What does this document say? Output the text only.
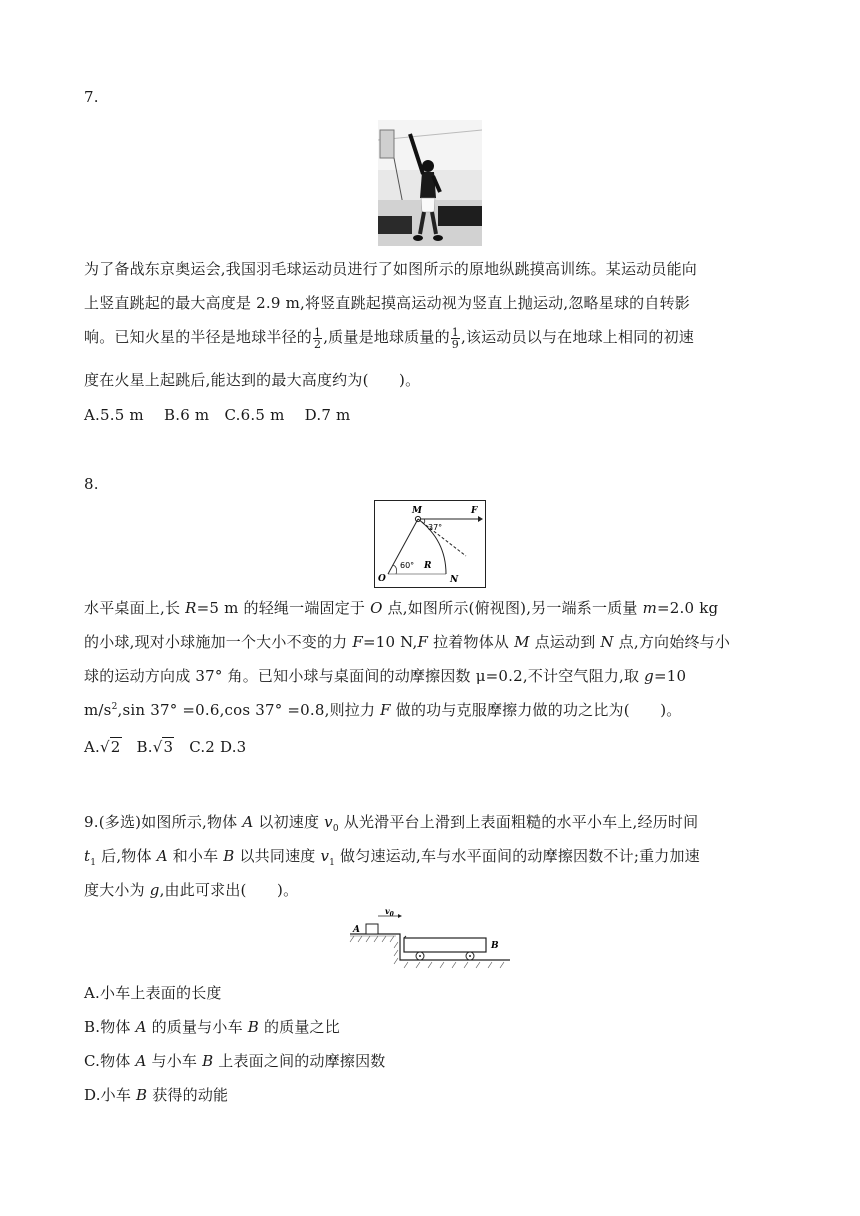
7.
为了备战东京奥运会,我国羽毛球运动员进行了如图所示的原地纵跳摸高训练。某运动员能向
上竖直跳起的最大高度是 2.9 m,将竖直跳起摸高运动视为竖直上抛运动,忽略星球的自转影
响。已知火星的半径是地球半径的 $\frac{1}{2}$ ,质量是地球质量的 $\frac{1}{9}$ ,该运动员以与在地球上相同的初速
度在火星上起跳后,能达到的最大高度约为(　　)。
A.5.5 m　 B.6 m　C.6.5 m　 D.7 m
8.
M	F
37°
O
60° R
N
水平桌面上,长 R=5 m 的轻绳一端固定于 O 点,如图所示(俯视图),另一端系一质量 m=2.0 kg
的小球,现对小球施加一个大小不变的力 F=10 N,F 拉着物体从 M 点运动到 N 点,方向始终与小
球的运动方向成 37° 角。已知小球与桌面间的动摩擦因数 μ=0.2,不计空气阻力,取 g=10
$m/s^2,\sin$ 37° =0.6,cos 37° =0.8,则拉力 F 做的功与克服摩擦力做的功之比为(　　)。
A.√2 B.√3 C.2 D.3
9.(多选)如图所示,物体 A 以初速度 $v_0$ 从光滑平台上滑到上表面粗糙的水平小车上,经历时间
$t_1$ 后,物体 A 和小车 B 以共同速度 $v_1$ 做匀速运动,车与水平面间的动摩擦因数不计;重力加速
度大小为 g,由此可求出(　　)。
A
B
$v_0$
A.小车上表面的长度
B.物体 A 的质量与小车 B 的质量之比
C.物体 A 与小车 B 上表面之间的动摩擦因数
D.小车 B 获得的动能
